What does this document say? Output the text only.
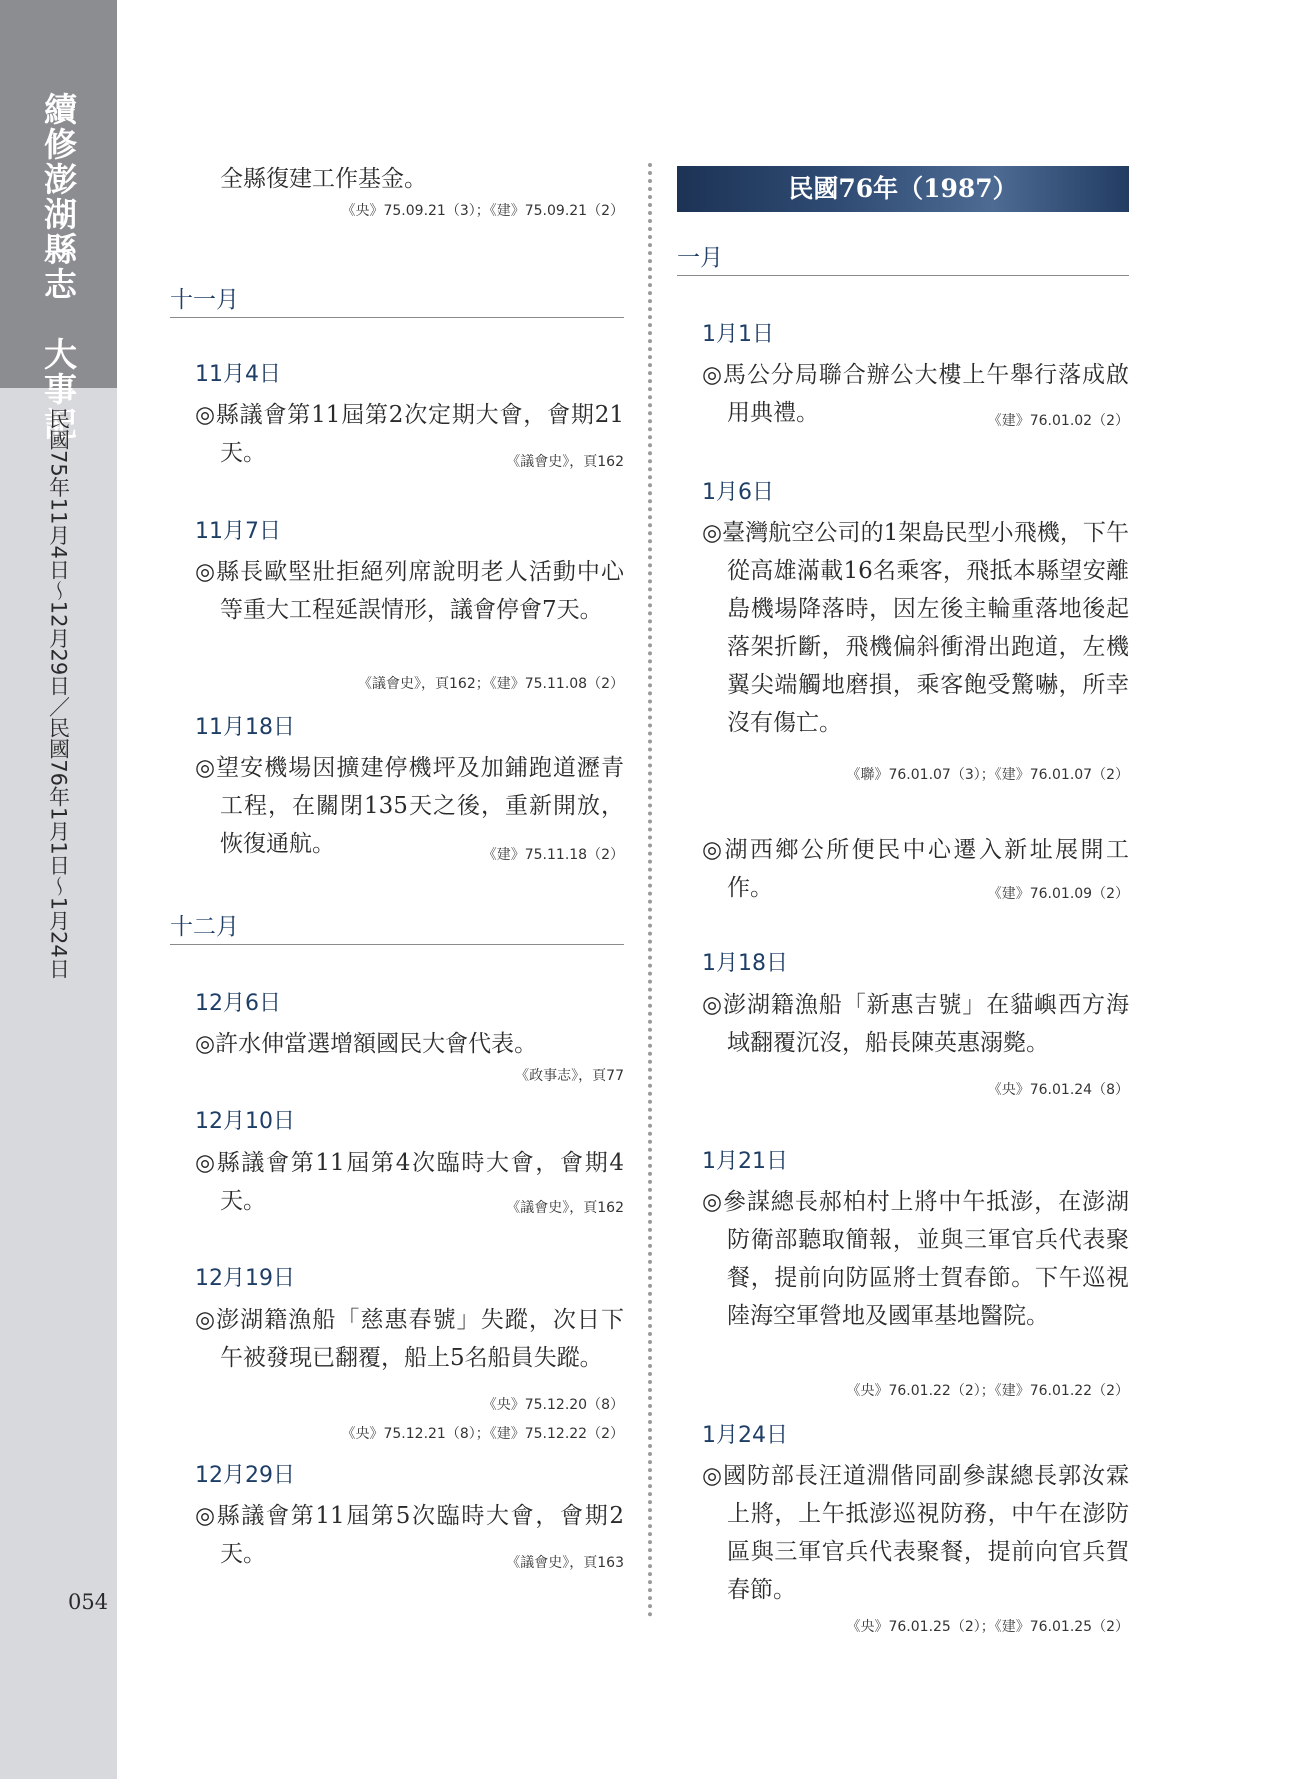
續修澎湖縣志　大事記
民國75年11月4日～12月29日／民國76年1月1日～1月24日
054
全縣復建工作基金。
《央》75.09.21（3）；《建》75.09.21（2）
十一月
11月4日
◎縣議會第11屆第2次定期大會，會期21天。	《議會史》，頁162
11月7日
◎縣長歐堅壯拒絕列席說明老人活動中心等重大工程延誤情形，議會停會7天。
《議會史》，頁162；《建》75.11.08（2）
11月18日
◎望安機場因擴建停機坪及加鋪跑道瀝青工程，在關閉135天之後，重新開放，恢復通航。	《建》75.11.18（2）
十二月
12月6日
◎許水伸當選增額國民大會代表。
《政事志》，頁77
12月10日
◎縣議會第11屆第4次臨時大會，會期4天。	《議會史》，頁162
12月19日
◎澎湖籍漁船「慈惠春號」失蹤，次日下午被發現已翻覆，船上5名船員失蹤。
《央》75.12.20（8）
《央》75.12.21（8）；《建》75.12.22（2）
12月29日
◎縣議會第11屆第5次臨時大會，會期2天。	《議會史》，頁163
民國76年（1987）
一月
1月1日
◎馬公分局聯合辦公大樓上午舉行落成啟用典禮。	《建》76.01.02（2）
1月6日
◎臺灣航空公司的1架島民型小飛機，下午從高雄滿載16名乘客，飛抵本縣望安離島機場降落時，因左後主輪重落地後起落架折斷，飛機偏斜衝滑出跑道，左機翼尖端觸地磨損，乘客飽受驚嚇，所幸沒有傷亡。
《聯》76.01.07（3）；《建》76.01.07（2）
◎湖西鄉公所便民中心遷入新址展開工作。	《建》76.01.09（2）
1月18日
◎澎湖籍漁船「新惠吉號」在貓嶼西方海域翻覆沉沒，船長陳英惠溺斃。
《央》76.01.24（8）
1月21日
◎參謀總長郝柏村上將中午抵澎，在澎湖防衛部聽取簡報，並與三軍官兵代表聚餐，提前向防區將士賀春節。下午巡視陸海空軍營地及國軍基地醫院。
《央》76.01.22（2）；《建》76.01.22（2）
1月24日
◎國防部長汪道淵偕同副參謀總長郭汝霖上將，上午抵澎巡視防務，中午在澎防區與三軍官兵代表聚餐，提前向官兵賀春節。
《央》76.01.25（2）；《建》76.01.25（2）
